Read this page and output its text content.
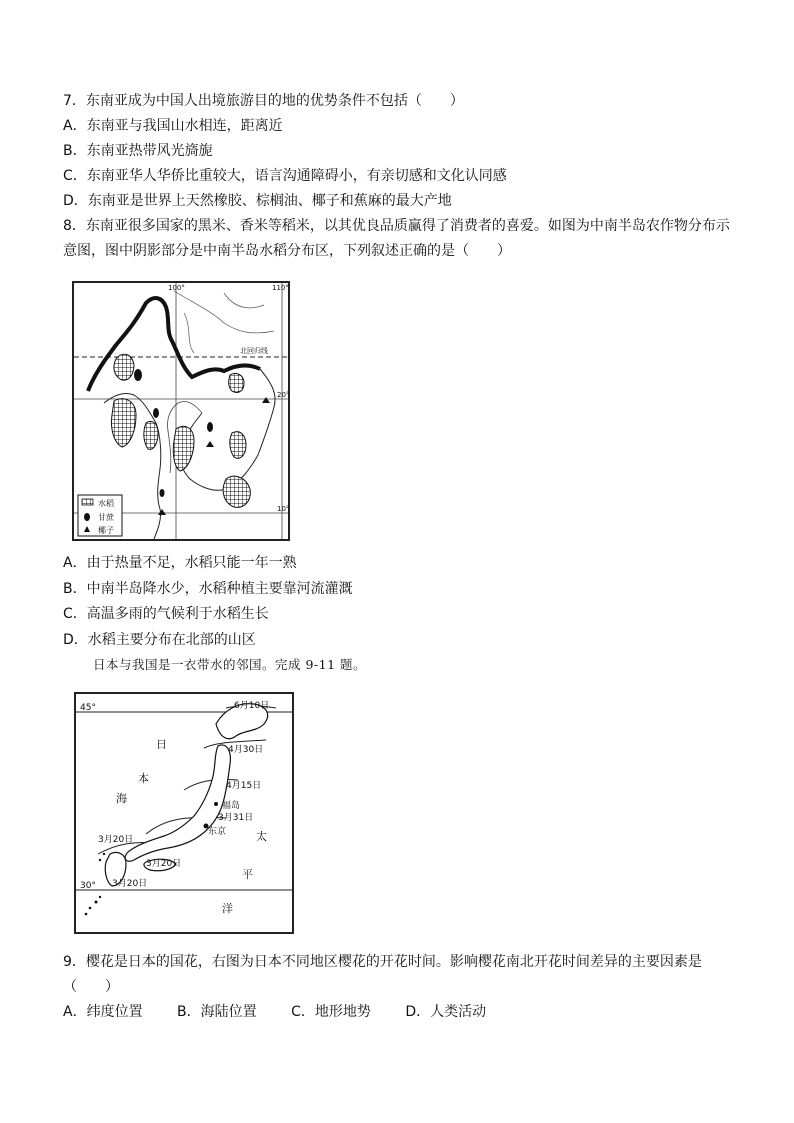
7．东南亚成为中国人出境旅游目的地的优势条件不包括（　　）
A．东南亚与我国山水相连，距离近
B．东南亚热带风光旖旎
C．东南亚华人华侨比重较大，语言沟通障碍小，有亲切感和文化认同感
D．东南亚是世界上天然橡胶、棕榈油、椰子和蕉麻的最大产地
8．东南亚很多国家的黑米、香米等稻米，以其优良品质赢得了消费者的喜爱。如图为中南半岛农作物分布示
意图，图中阴影部分是中南半岛水稻分布区，下列叙述正确的是（　　）
100°	110°
20°
10°
北回归线
水稻
甘蔗
椰子
A．由于热量不足，水稻只能一年一熟
B．中南半岛降水少，水稻种植主要靠河流灌溉
C．高温多雨的气候利于水稻生长
D．水稻主要分布在北部的山区
日本与我国是一衣带水的邻国。完成 9-11 题。
45°
30°
6月10日
4月30日
4月15日
3月31日
3月20日
3月20日
3月20日
福岛
东京
日
本
海
太
平
洋
9．樱花是日本的国花，右图为日本不同地区樱花的开花时间。影响樱花南北开花时间差异的主要因素是
（　　）
A．纬度位置 B．海陆位置 C．地形地势 D．人类活动
